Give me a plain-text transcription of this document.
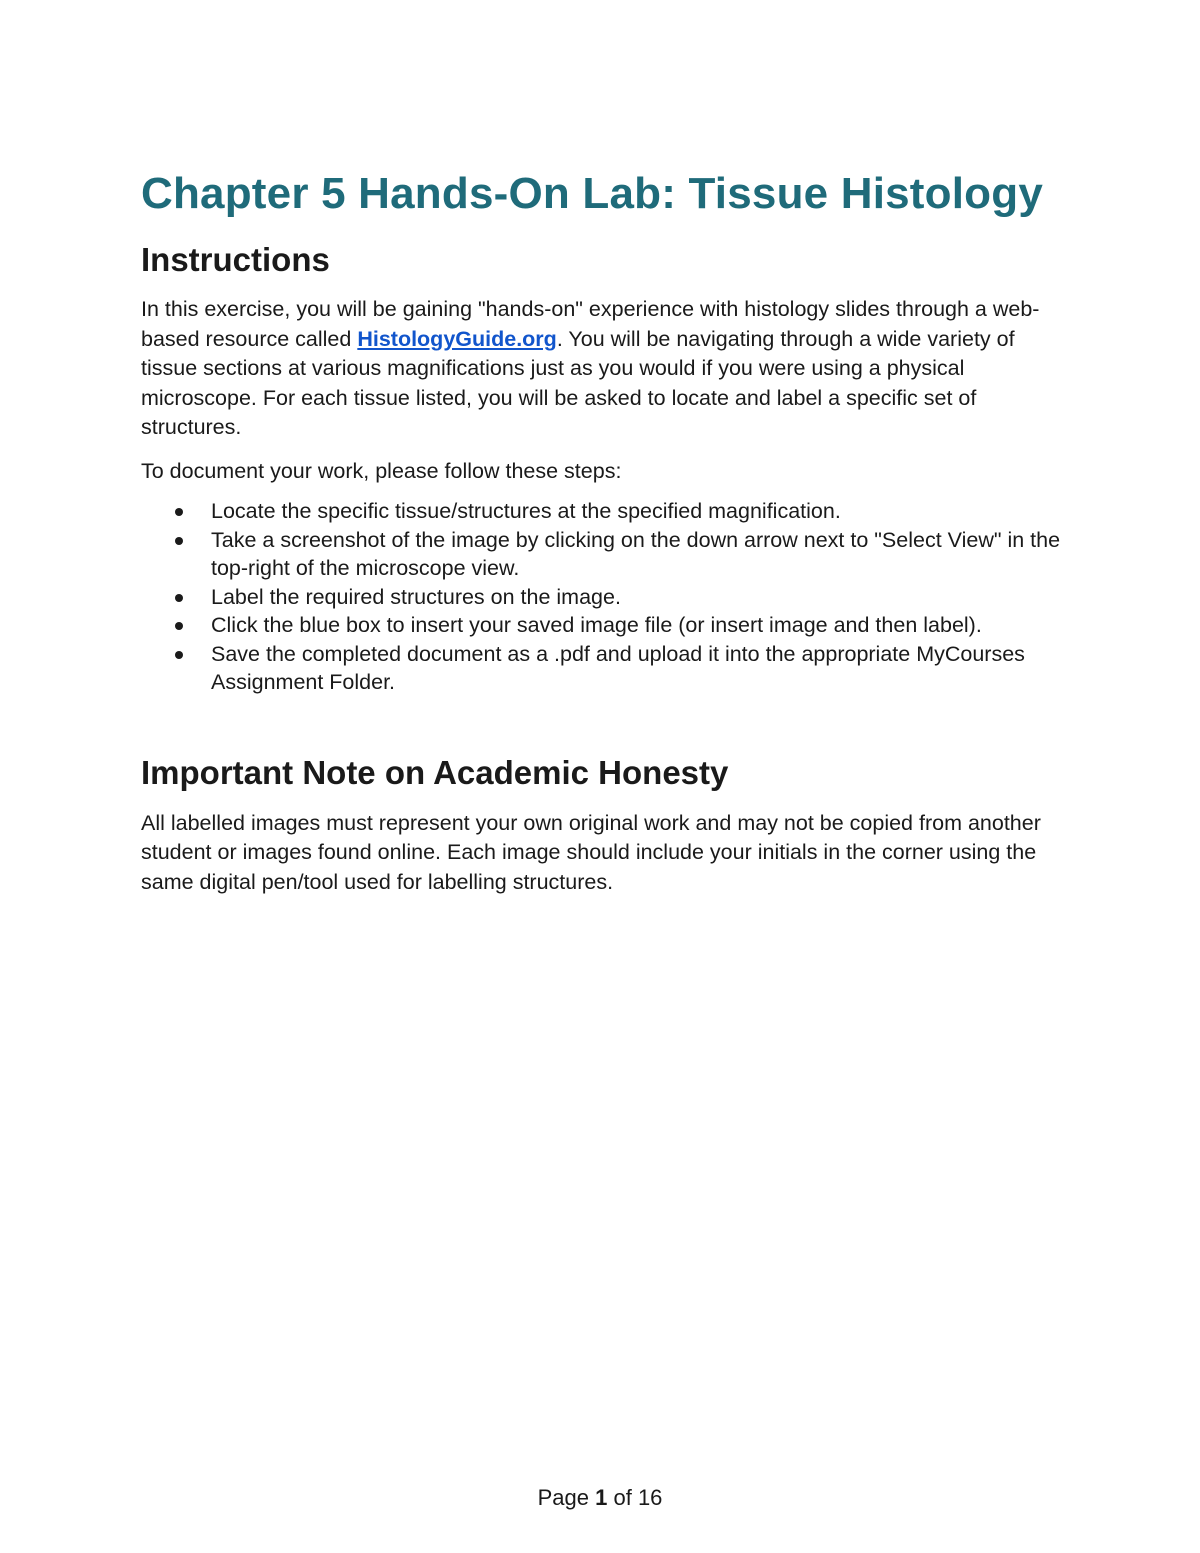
Chapter 5 Hands-On Lab: Tissue Histology
Instructions

In this exercise, you will be gaining "hands-on" experience with histology slides through a web-based resource called HistologyGuide.org. You will be navigating through a wide variety of tissue sections at various magnifications just as you would if you were using a physical microscope. For each tissue listed, you will be asked to locate and label a specific set of structures.

To document your work, please follow these steps:

Locate the specific tissue/structures at the specified magnification.
Take a screenshot of the image by clicking on the down arrow next to "Select View" in the top-right of the microscope view.
Label the required structures on the image.
Click the blue box to insert your saved image file (or insert image and then label).
Save the completed document as a .pdf and upload it into the appropriate MyCourses Assignment Folder.
Important Note on Academic Honesty

All labelled images must represent your own original work and may not be copied from another student or images found online. Each image should include your initials in the corner using the same digital pen/tool used for labelling structures.

Page 1 of 16
